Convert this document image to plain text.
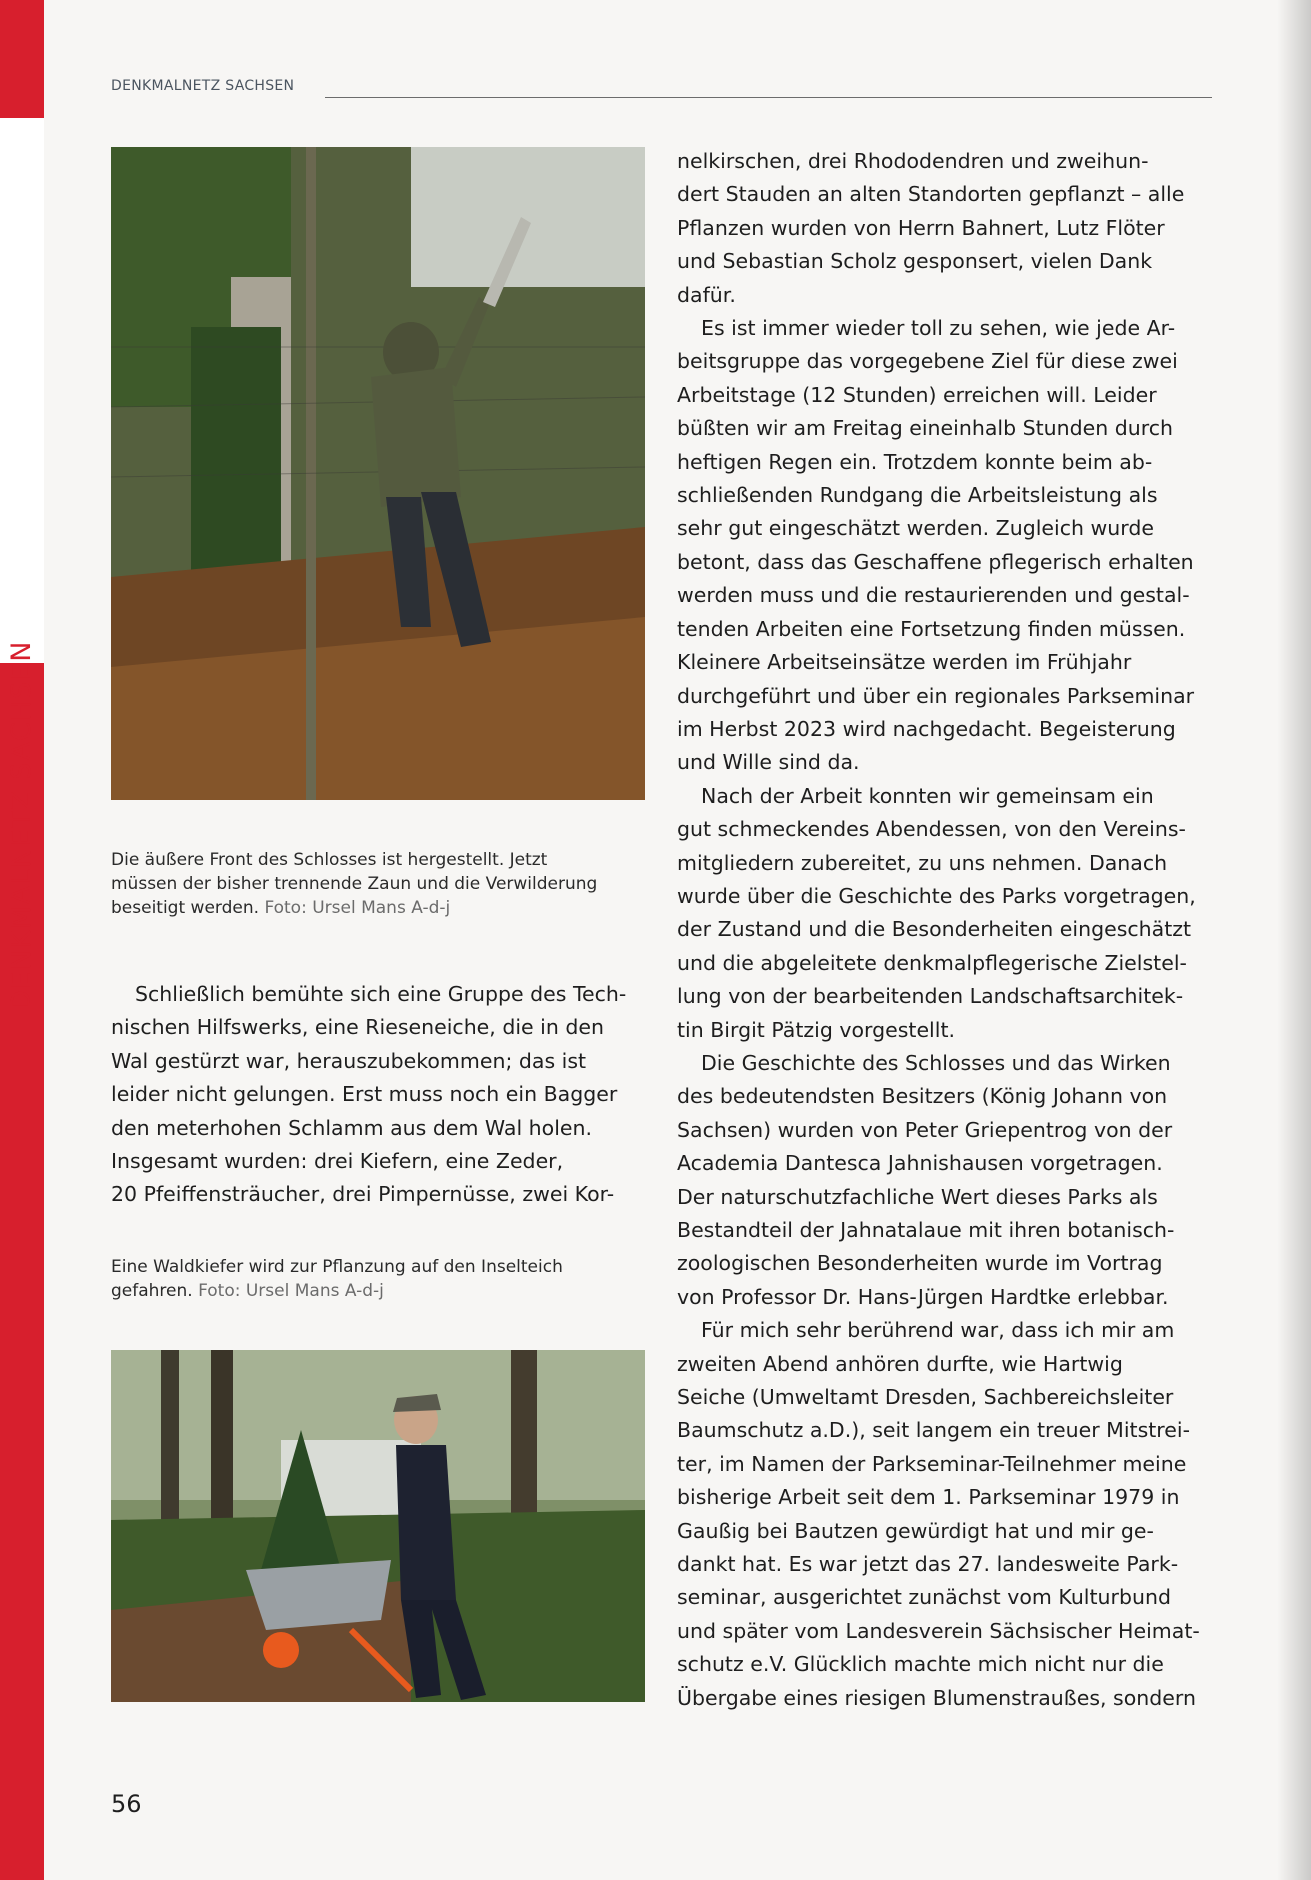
DENKMALNETZ SACHSEN
DENKMALNETZ SACHSEN
Die äußere Front des Schlosses ist hergestellt. Jetzt
müssen der bisher trennende Zaun und die Verwilderung
beseitigt werden. Foto: Ursel Mans A-d-j

Schließlich bemühte sich eine Gruppe des Tech-
nischen Hilfswerks, eine Rieseneiche, die in den
Wal gestürzt war, herauszubekommen; das ist
leider nicht gelungen. Erst muss noch ein Bagger
den meterhohen Schlamm aus dem Wal holen.
Insgesamt wurden: drei Kiefern, eine Zeder,
20 Pfeiffensträucher, drei Pimpernüsse, zwei Kor-

Eine Waldkiefer wird zur Pflanzung auf den Inselteich
gefahren. Foto: Ursel Mans A-d-j

nelkirschen, drei Rhododendren und zweihun-
dert Stauden an alten Standorten gepflanzt – alle
Pflanzen wurden von Herrn Bahnert, Lutz Flöter
und Sebastian Scholz gesponsert, vielen Dank
dafür.

Es ist immer wieder toll zu sehen, wie jede Ar-
beitsgruppe das vorgegebene Ziel für diese zwei
Arbeitstage (12 Stunden) erreichen will. Leider
büßten wir am Freitag eineinhalb Stunden durch
heftigen Regen ein. Trotzdem konnte beim ab-
schließenden Rundgang die Arbeitsleistung als
sehr gut eingeschätzt werden. Zugleich wurde
betont, dass das Geschaffene pflegerisch erhalten
werden muss und die restaurierenden und gestal-
tenden Arbeiten eine Fortsetzung finden müssen.
Kleinere Arbeitseinsätze werden im Frühjahr
durchgeführt und über ein regionales Parkseminar
im Herbst 2023 wird nachgedacht. Begeisterung
und Wille sind da.

Nach der Arbeit konnten wir gemeinsam ein
gut schmeckendes Abendessen, von den Vereins-
mitgliedern zubereitet, zu uns nehmen. Danach
wurde über die Geschichte des Parks vorgetragen,
der Zustand und die Besonderheiten eingeschätzt
und die abgeleitete denkmalpflegerische Zielstel-
lung von der bearbeitenden Landschaftsarchitek-
tin Birgit Pätzig vorgestellt.

Die Geschichte des Schlosses und das Wirken
des bedeutendsten Besitzers (König Johann von
Sachsen) wurden von Peter Griepentrog von der
Academia Dantesca Jahnishausen vorgetragen.
Der naturschutzfachliche Wert dieses Parks als
Bestandteil der Jahnatalaue mit ihren botanisch-
zoologischen Besonderheiten wurde im Vortrag
von Professor Dr. Hans-Jürgen Hardtke erlebbar.

Für mich sehr berührend war, dass ich mir am
zweiten Abend anhören durfte, wie Hartwig
Seiche (Umweltamt Dresden, Sachbereichsleiter
Baumschutz a.D.), seit langem ein treuer Mitstrei-
ter, im Namen der Parkseminar-Teilnehmer meine
bisherige Arbeit seit dem 1. Parkseminar 1979 in
Gaußig bei Bautzen gewürdigt hat und mir ge-
dankt hat. Es war jetzt das 27. landesweite Park-
seminar, ausgerichtet zunächst vom Kulturbund
und später vom Landesverein Sächsischer Heimat-
schutz e.V. Glücklich machte mich nicht nur die
Übergabe eines riesigen Blumenstraußes, sondern

56
